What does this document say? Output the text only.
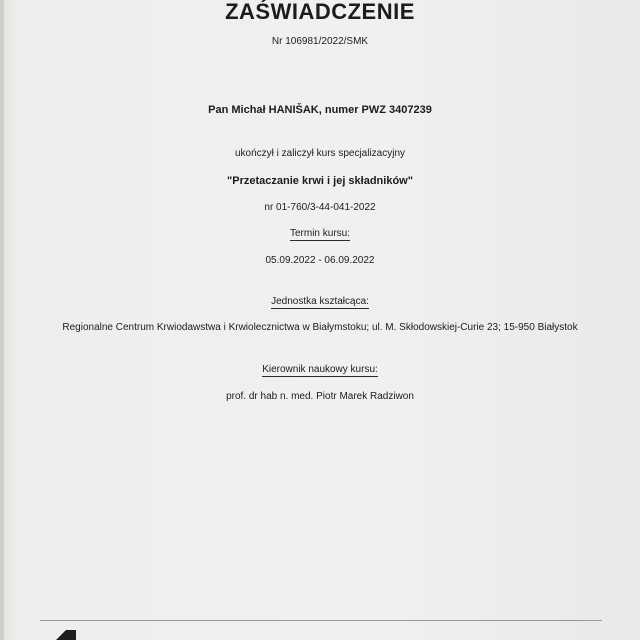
ZAŚWIADCZENIE
Nr 106981/2022/SMK
Pan Michał HANIŠAK, numer PWZ 3407239
ukończył i zaliczył kurs specjalizacyjny
"Przetaczanie krwi i jej składników"
nr 01-760/3-44-041-2022
Termin kursu:
05.09.2022 - 06.09.2022
Jednostka kształcąca:
Regionalne Centrum Krwiodawstwa i Krwiolecznictwa w Białymstoku; ul. M. Skłodowskiej-Curie 23; 15-950 Białystok
Kierownik naukowy kursu:
prof. dr hab n. med. Piotr Marek Radziwon
